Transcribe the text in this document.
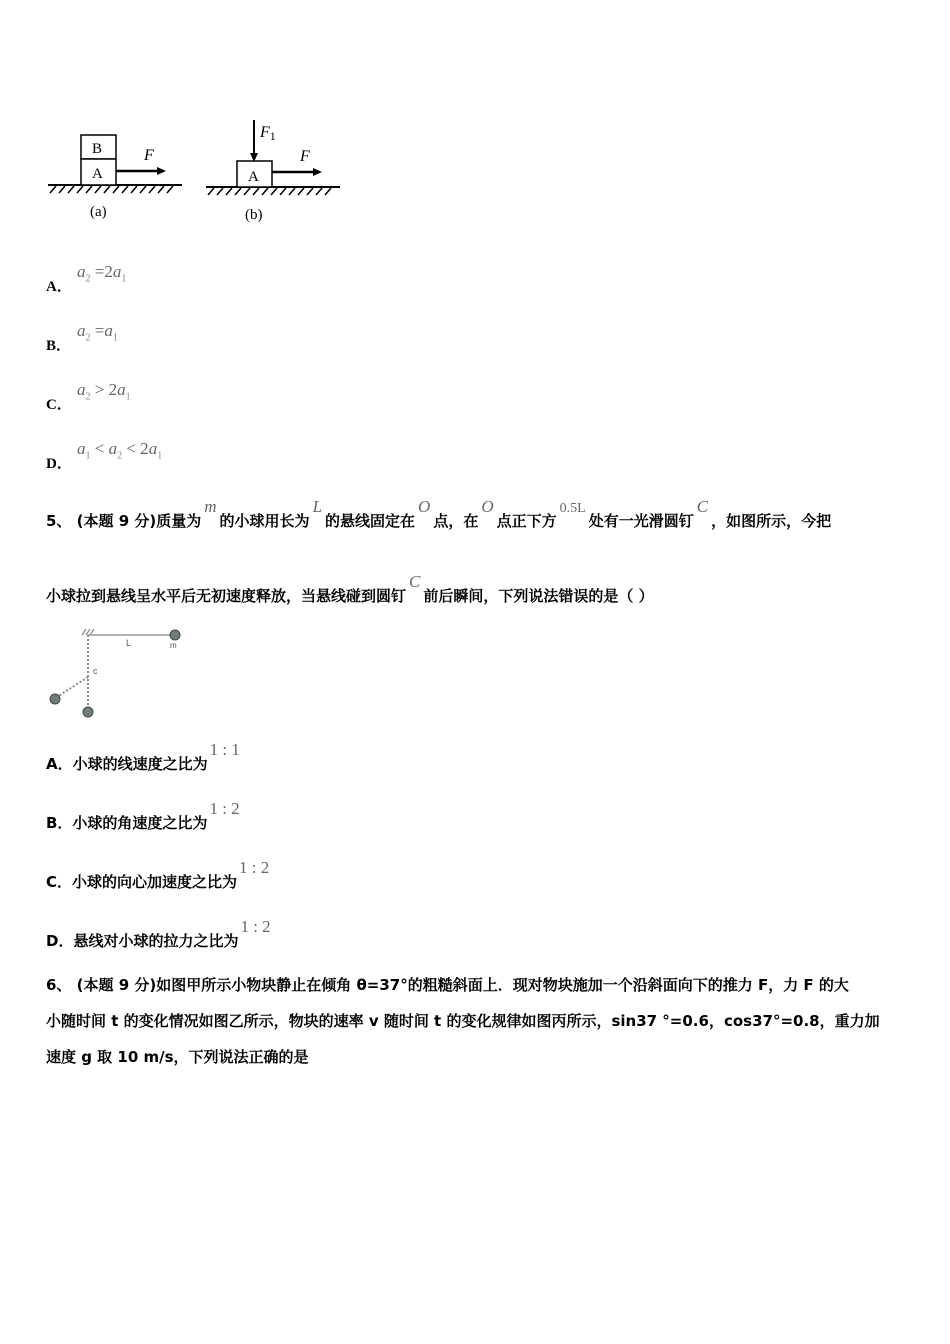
B
A
F
(a)
A
F1
F
(b)
A．
$a_2 =2a_1$
B．
$a_2 =a_1$
C．
$a_2 > 2a_1$
D．
$a_1 < a_2 < 2a_1$
5、 (本题 9 分)质量为m的小球用长为L的悬线固定在O点，在O点正下方0.5L处有一光滑圆钉C，如图所示，今把
小球拉到悬线呈水平后无初速度释放，当悬线碰到圆钉C前后瞬间，下列说法错误的是（ ）
L	m
c
A．小球的线速度之比为1 : 1
B．小球的角速度之比为1 : 2
C．小球的向心加速度之比为1 : 2
D．悬线对小球的拉力之比为1 : 2
6、 (本题 9 分)如图甲所示小物块静止在倾角 θ=37°的粗糙斜面上．现对物块施加一个沿斜面向下的推力 F，力 F 的大
小随时间 t 的变化情况如图乙所示，物块的速率 v 随时间 t 的变化规律如图丙所示，sin37 °=0.6，cos37°=0.8，重力加
速度 g 取 10 m/s，下列说法正确的是
